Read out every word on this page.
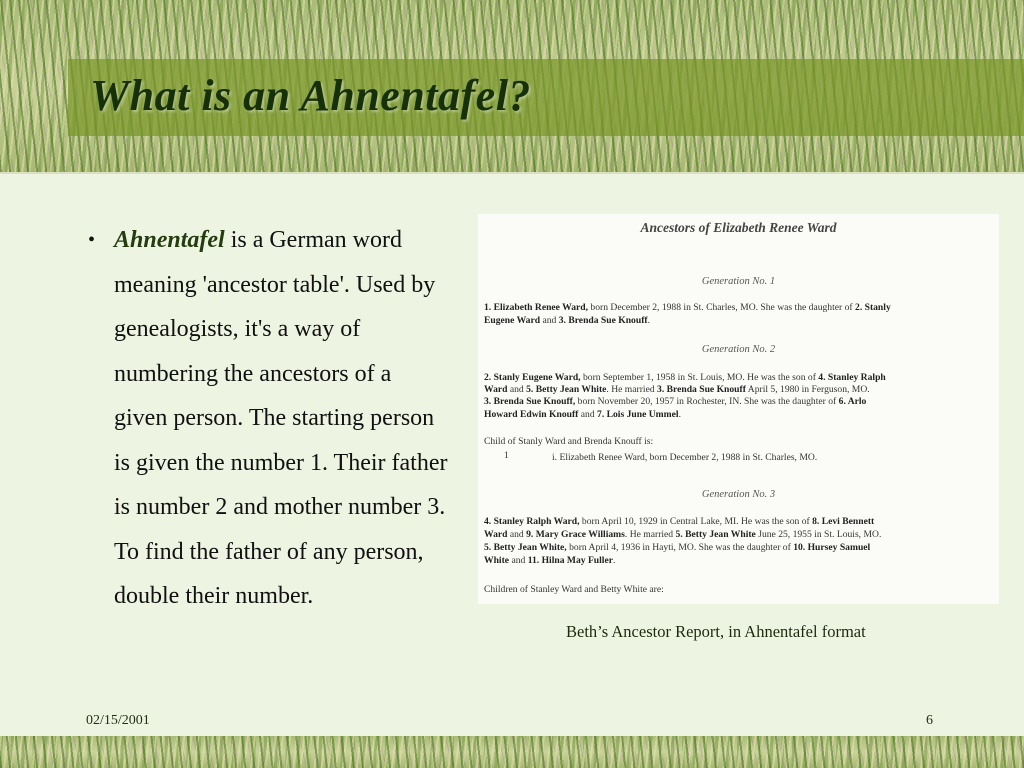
What is an Ahnentafel?
• Ahnentafel is a German word meaning 'ancestor table'. Used by genealogists, it's a way of numbering the ancestors of a given person. The starting person is given the number 1. Their father is number 2 and mother number 3. To find the father of any person, double their number.
Ancestors of Elizabeth Renee Ward
Generation No. 1
1. Elizabeth Renee Ward, born December 2, 1988 in St. Charles, MO. She was the daughter of 2. Stanly
Eugene Ward and 3. Brenda Sue Knouff.
Generation No. 2
2. Stanly Eugene Ward, born September 1, 1958 in St. Louis, MO. He was the son of 4. Stanley Ralph
Ward and 5. Betty Jean White. He married 3. Brenda Sue Knouff April 5, 1980 in Ferguson, MO.
3. Brenda Sue Knouff, born November 20, 1957 in Rochester, IN. She was the daughter of 6. Arlo
Howard Edwin Knouff and 7. Lois June Ummel.
Child of Stanly Ward and Brenda Knouff is:
1	i. Elizabeth Renee Ward, born December 2, 1988 in St. Charles, MO.
Generation No. 3
4. Stanley Ralph Ward, born April 10, 1929 in Central Lake, MI. He was the son of 8. Levi Bennett
Ward and 9. Mary Grace Williams. He married 5. Betty Jean White June 25, 1955 in St. Louis, MO.
5. Betty Jean White, born April 4, 1936 in Hayti, MO. She was the daughter of 10. Hursey Samuel
White and 11. Hilna May Fuller.
Children of Stanley Ward and Betty White are:
Beth’s Ancestor Report, in Ahnentafel format
02/15/2001	6
